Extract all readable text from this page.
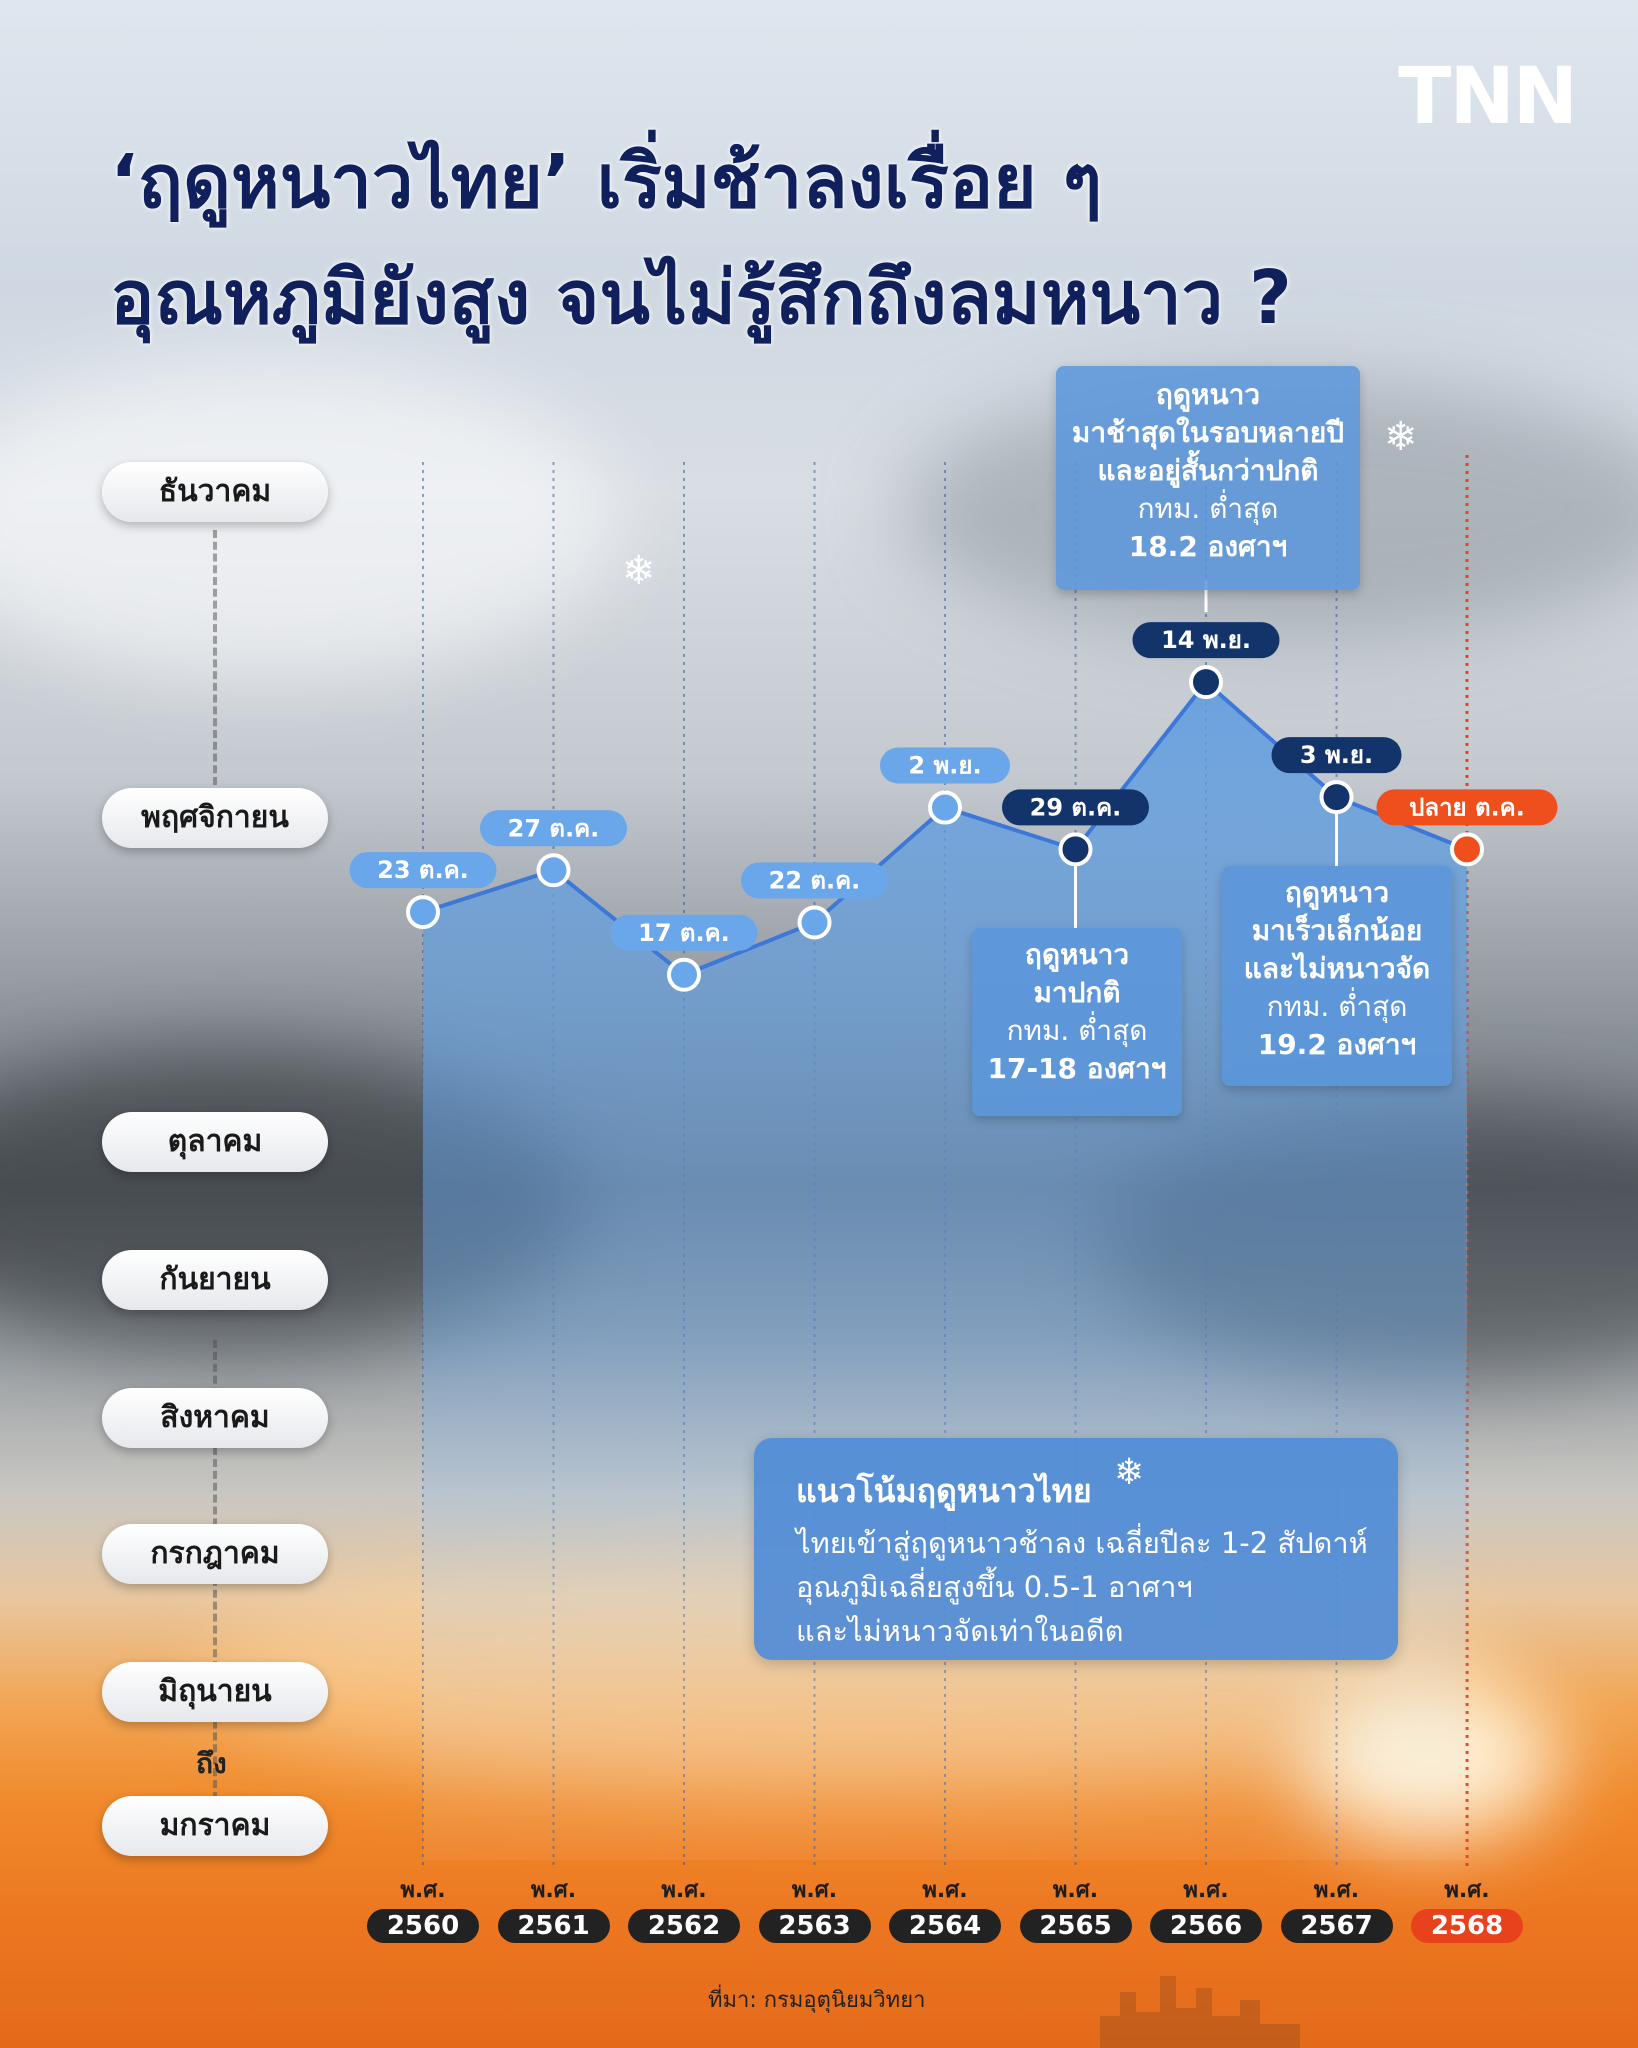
TNN
‘ฤดูหนาวไทย’ เริ่มช้าลงเรื่อย ๆ
อุณหภูมิยังสูง จนไม่รู้สึกถึงลมหนาว ?
❄
❄
ธันวาคม
พฤศจิกายน
ตุลาคม
กันยายน
สิงหาคม
กรกฎาคม
มิถุนายน
ถึง
มกราคม
23 ต.ค.
27 ต.ค.
17 ต.ค.
22 ต.ค.
2 พ.ย.
29 ต.ค.
14 พ.ย.
3 พ.ย.
ปลาย ต.ค.
ฤดูหนาว
มาช้าสุดในรอบหลายปี
และอยู่สั้นกว่าปกติ
กทม. ต่ำสุด
18.2 องศาฯ
ฤดูหนาว
มาปกติ
กทม. ต่ำสุด
17-18 องศาฯ
ฤดูหนาว
มาเร็วเล็กน้อย
และไม่หนาวจัด
กทม. ต่ำสุด
19.2 องศาฯ
แนวโน้มฤดูหนาวไทย ❄
ไทยเข้าสู่ฤดูหนาวช้าลง เฉลี่ยปีละ 1-2 สัปดาห์
อุณภูมิเฉลี่ยสูงขึ้น 0.5-1 อาศาฯ
และไม่หนาวจัดเท่าในอดีต
พ.ศ.
2560
พ.ศ.
2561
พ.ศ.
2562
พ.ศ.
2563
พ.ศ.
2564
พ.ศ.
2565
พ.ศ.
2566
พ.ศ.
2567
พ.ศ.
2568
ที่มา: กรมอุตุนิยมวิทยา
